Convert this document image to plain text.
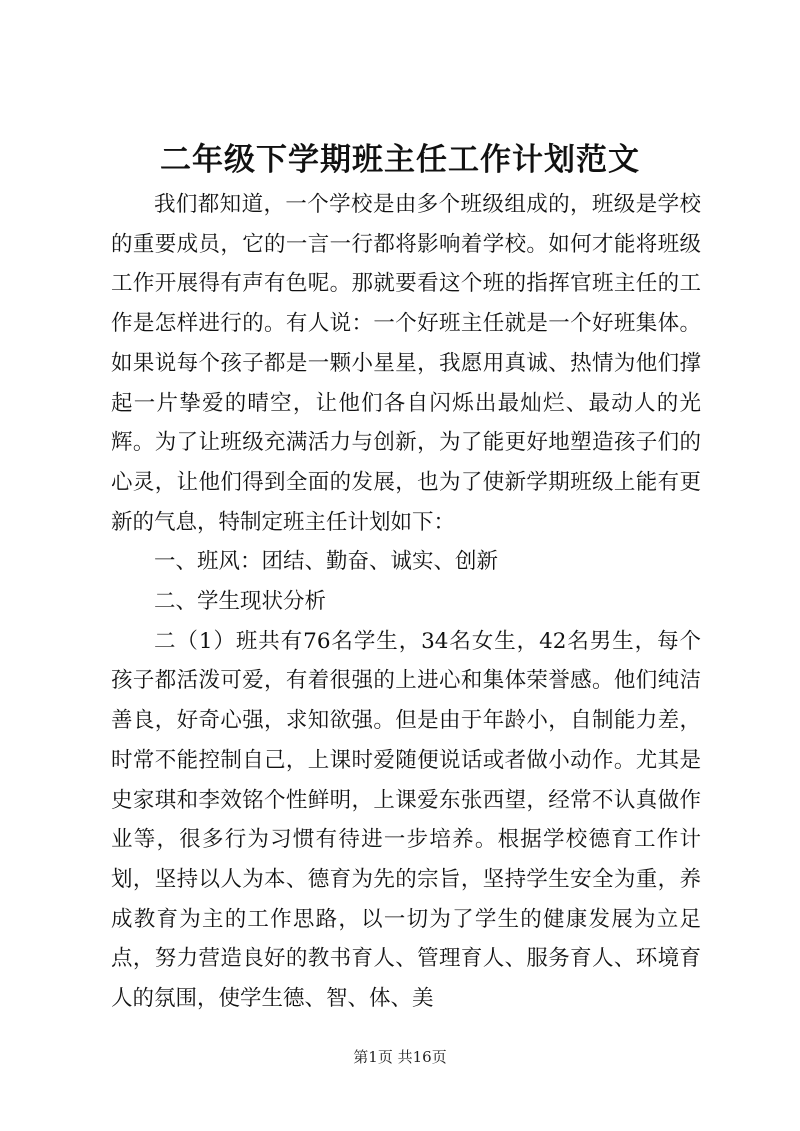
二年级下学期班主任工作计划范文

我们都知道，一个学校是由多个班级组成的，班级是学校的重要成员，它的一言一行都将影响着学校。如何才能将班级工作开展得有声有色呢。那就要看这个班的指挥官班主任的工作是怎样进行的。有人说：一个好班主任就是一个好班集体。如果说每个孩子都是一颗小星星，我愿用真诚、热情为他们撑起一片挚爱的晴空，让他们各自闪烁出最灿烂、最动人的光辉。为了让班级充满活力与创新，为了能更好地塑造孩子们的心灵，让他们得到全面的发展，也为了使新学期班级上能有更新的气息，特制定班主任计划如下：

一、班风：团结、勤奋、诚实、创新

二、学生现状分析

二（1）班共有76名学生，34名女生，42名男生，每个孩子都活泼可爱，有着很强的上进心和集体荣誉感。他们纯洁善良，好奇心强，求知欲强。但是由于年龄小，自制能力差，时常不能控制自己，上课时爱随便说话或者做小动作。尤其是史家琪和李效铭个性鲜明，上课爱东张西望，经常不认真做作业等，很多行为习惯有待进一步培养。根据学校德育工作计划，坚持以人为本、德育为先的宗旨，坚持学生安全为重，养成教育为主的工作思路，以一切为了学生的健康发展为立足点，努力营造良好的教书育人、管理育人、服务育人、环境育人的氛围，使学生德、智、体、美

第1页 共16页
